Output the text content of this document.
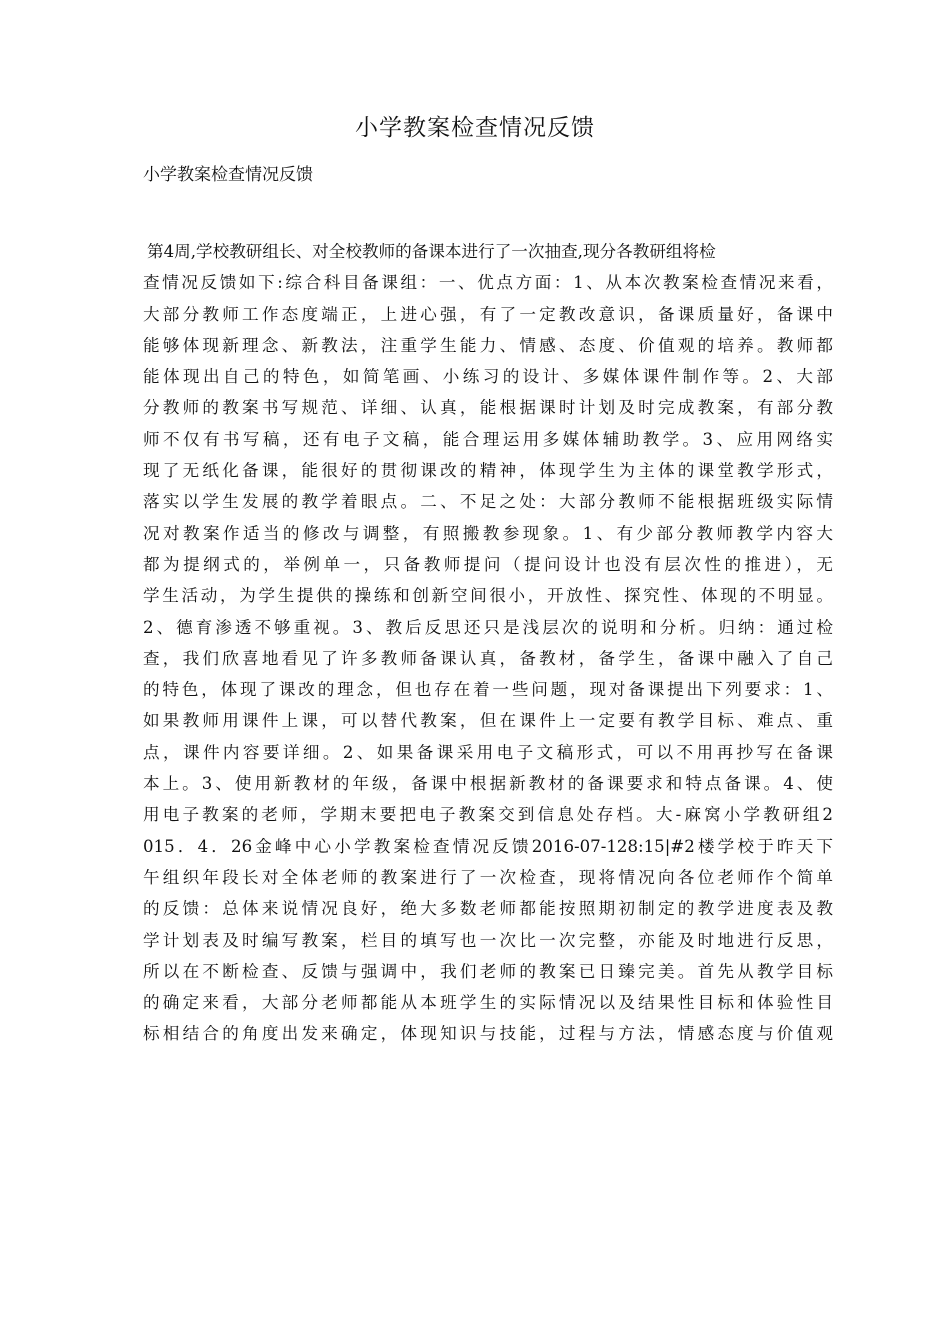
小学教案检查情况反馈
小学教案检查情况反馈
第4周,学校教研组长、对全校教师的备课本进行了一次抽查,现分各教研组将检
查情况反馈如下:综合科目备课组：一、优点方面：1、从本次教案检查情况来看，
大部分教师工作态度端正，上进心强，有了一定教改意识，备课质量好，备课中
能够体现新理念、新教法，注重学生能力、情感、态度、价值观的培养。教师都
能体现出自己的特色，如简笔画、小练习的设计、多媒体课件制作等。2、大部
分教师的教案书写规范、详细、认真，能根据课时计划及时完成教案，有部分教
师不仅有书写稿，还有电子文稿，能合理运用多媒体辅助教学。3、应用网络实
现了无纸化备课，能很好的贯彻课改的精神，体现学生为主体的课堂教学形式，
落实以学生发展的教学着眼点。二、不足之处：大部分教师不能根据班级实际情
况对教案作适当的修改与调整，有照搬教参现象。1、有少部分教师教学内容大
都为提纲式的，举例单一，只备教师提问（提问设计也没有层次性的推进），无
学生活动，为学生提供的操练和创新空间很小，开放性、探究性、体现的不明显。
2、德育渗透不够重视。3、教后反思还只是浅层次的说明和分析。归纳：通过检
查，我们欣喜地看见了许多教师备课认真，备教材，备学生，备课中融入了自己
的特色，体现了课改的理念，但也存在着一些问题，现对备课提出下列要求：1、
如果教师用课件上课，可以替代教案，但在课件上一定要有教学目标、难点、重
点，课件内容要详细。2、如果备课采用电子文稿形式，可以不用再抄写在备课
本上。3、使用新教材的年级，备课中根据新教材的备课要求和特点备课。4、使
用电子教案的老师，学期末要把电子教案交到信息处存档。大-麻窝小学教研组2
015．4．26金峰中心小学教案检查情况反馈2016-07-128:15|#2楼学校于昨天下
午组织年段长对全体老师的教案进行了一次检查，现将情况向各位老师作个简单
的反馈：总体来说情况良好，绝大多数老师都能按照期初制定的教学进度表及教
学计划表及时编写教案，栏目的填写也一次比一次完整，亦能及时地进行反思，
所以在不断检查、反馈与强调中，我们老师的教案已日臻完美。首先从教学目标
的确定来看，大部分老师都能从本班学生的实际情况以及结果性目标和体验性目
标相结合的角度出发来确定，体现知识与技能，过程与方法，情感态度与价值观
